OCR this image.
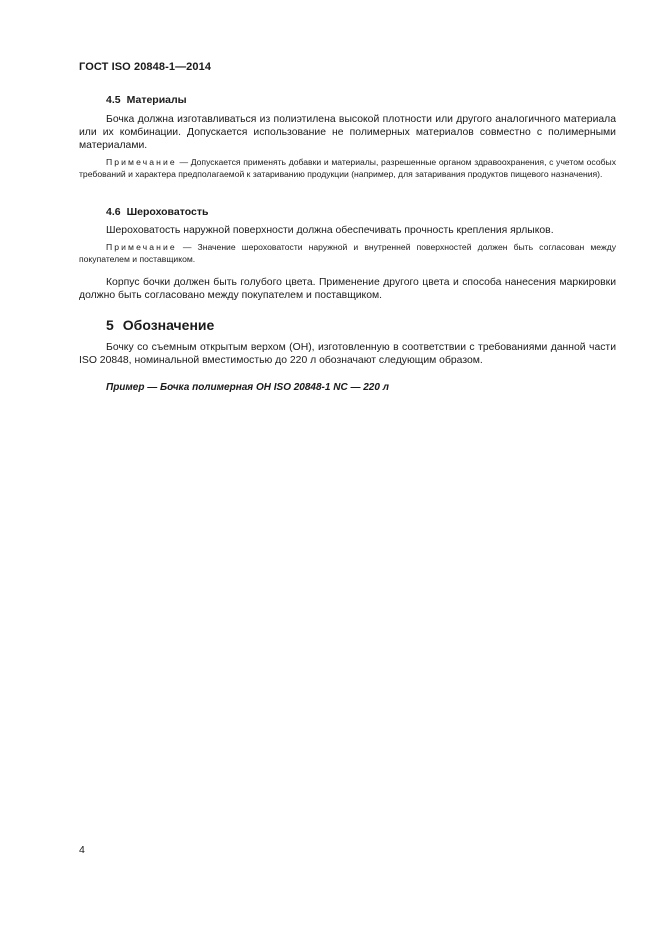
ГОСТ ISO 20848-1—2014
4.5 Материалы

Бочка должна изготавливаться из полиэтилена высокой плотности или другого аналогичного материала или их комбинации. Допускается использование не полимерных материалов совместно с полимерными материалами.

Примечание — Допускается применять добавки и материалы, разрешенные органом здравоохранения, с учетом особых требований и характера предполагаемой к затариванию продукции (например, для затаривания продуктов пищевого назначения).

4.6 Шероховатость

Шероховатость наружной поверхности должна обеспечивать прочность крепления ярлыков.

Примечание — Значение шероховатости наружной и внутренней поверхностей должен быть согласован между покупателем и поставщиком.

Корпус бочки должен быть голубого цвета. Применение другого цвета и способа нанесения маркировки должно быть согласовано между покупателем и поставщиком.

5 Обозначение

Бочку со съемным открытым верхом (ОН), изготовленную в соответствии с требованиями данной части ISO 20848, номинальной вместимостью до 220 л обозначают следующим образом.

Пример — Бочка полимерная ОН ISO 20848-1 NC — 220 л
4
